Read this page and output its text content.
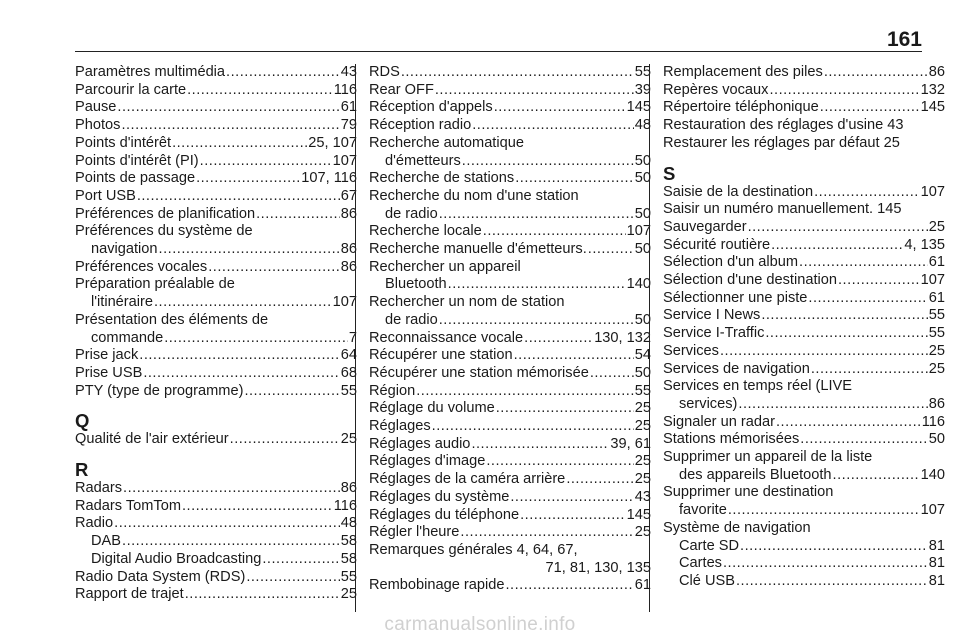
161
Paramètres multimédia .....	43
Parcourir la carte .....	116
Pause .....	61
Photos .....	79
Points d'intérêt .....	25, 107
Points d'intérêt (PI) .....	107
Points de passage .....	107, 116
Port USB .....	67
Préférences de planification .....	86
Préférences du système de
navigation .....	86
Préférences vocales .....	86
Préparation préalable de
l'itinéraire .....	107
Présentation des éléments de
commande .....	7
Prise jack .....	64
Prise USB .....	68
PTY (type de programme) .....	55
Q
Qualité de l'air extérieur .....	25
R
Radars .....	86
Radars TomTom .....	116
Radio .....	48
DAB .....	58
Digital Audio Broadcasting .....	58
Radio Data System (RDS) .....	55
Rapport de trajet .....	25
RDS .....	55
Rear OFF .....	39
Réception d'appels .....	145
Réception radio .....	48
Recherche automatique
d'émetteurs .....	50
Recherche de stations .....	50
Recherche du nom d'une station
de radio .....	50
Recherche locale .....	107
Recherche manuelle d'émetteurs. .....	50
Rechercher un appareil
Bluetooth .....	140
Rechercher un nom de station
de radio .....	50
Reconnaissance vocale .....	130, 132
Récupérer une station .....	54
Récupérer une station mémorisée .....	50
Région .....	55
Réglage du volume .....	25
Réglages .....	25
Réglages audio .....	39, 61
Réglages d'image .....	25
Réglages de la caméra arrière .....	25
Réglages du système .....	43
Réglages du téléphone .....	145
Régler l'heure .....	25
Remarques générales 4, 64, 67,
71, 81, 130, 135
Rembobinage rapide .....	61
Remplacement des piles .....	86
Repères vocaux .....	132
Répertoire téléphonique .....	145
Restauration des réglages d'usine 43
Restaurer les réglages par défaut 25
S
Saisie de la destination .....	107
Saisir un numéro manuellement. 145
Sauvegarder .....	25
Sécurité routière .....	4, 135
Sélection d'un album .....	61
Sélection d'une destination .....	107
Sélectionner une piste .....	61
Service I News .....	55
Service I-Traffic .....	55
Services .....	25
Services de navigation .....	25
Services en temps réel (LIVE
services) .....	86
Signaler un radar .....	116
Stations mémorisées .....	50
Supprimer un appareil de la liste
des appareils Bluetooth .....	140
Supprimer une destination
favorite .....	107
Système de navigation
Carte SD .....	81
Cartes .....	81
Clé USB .....	81
carmanualsonline.info
